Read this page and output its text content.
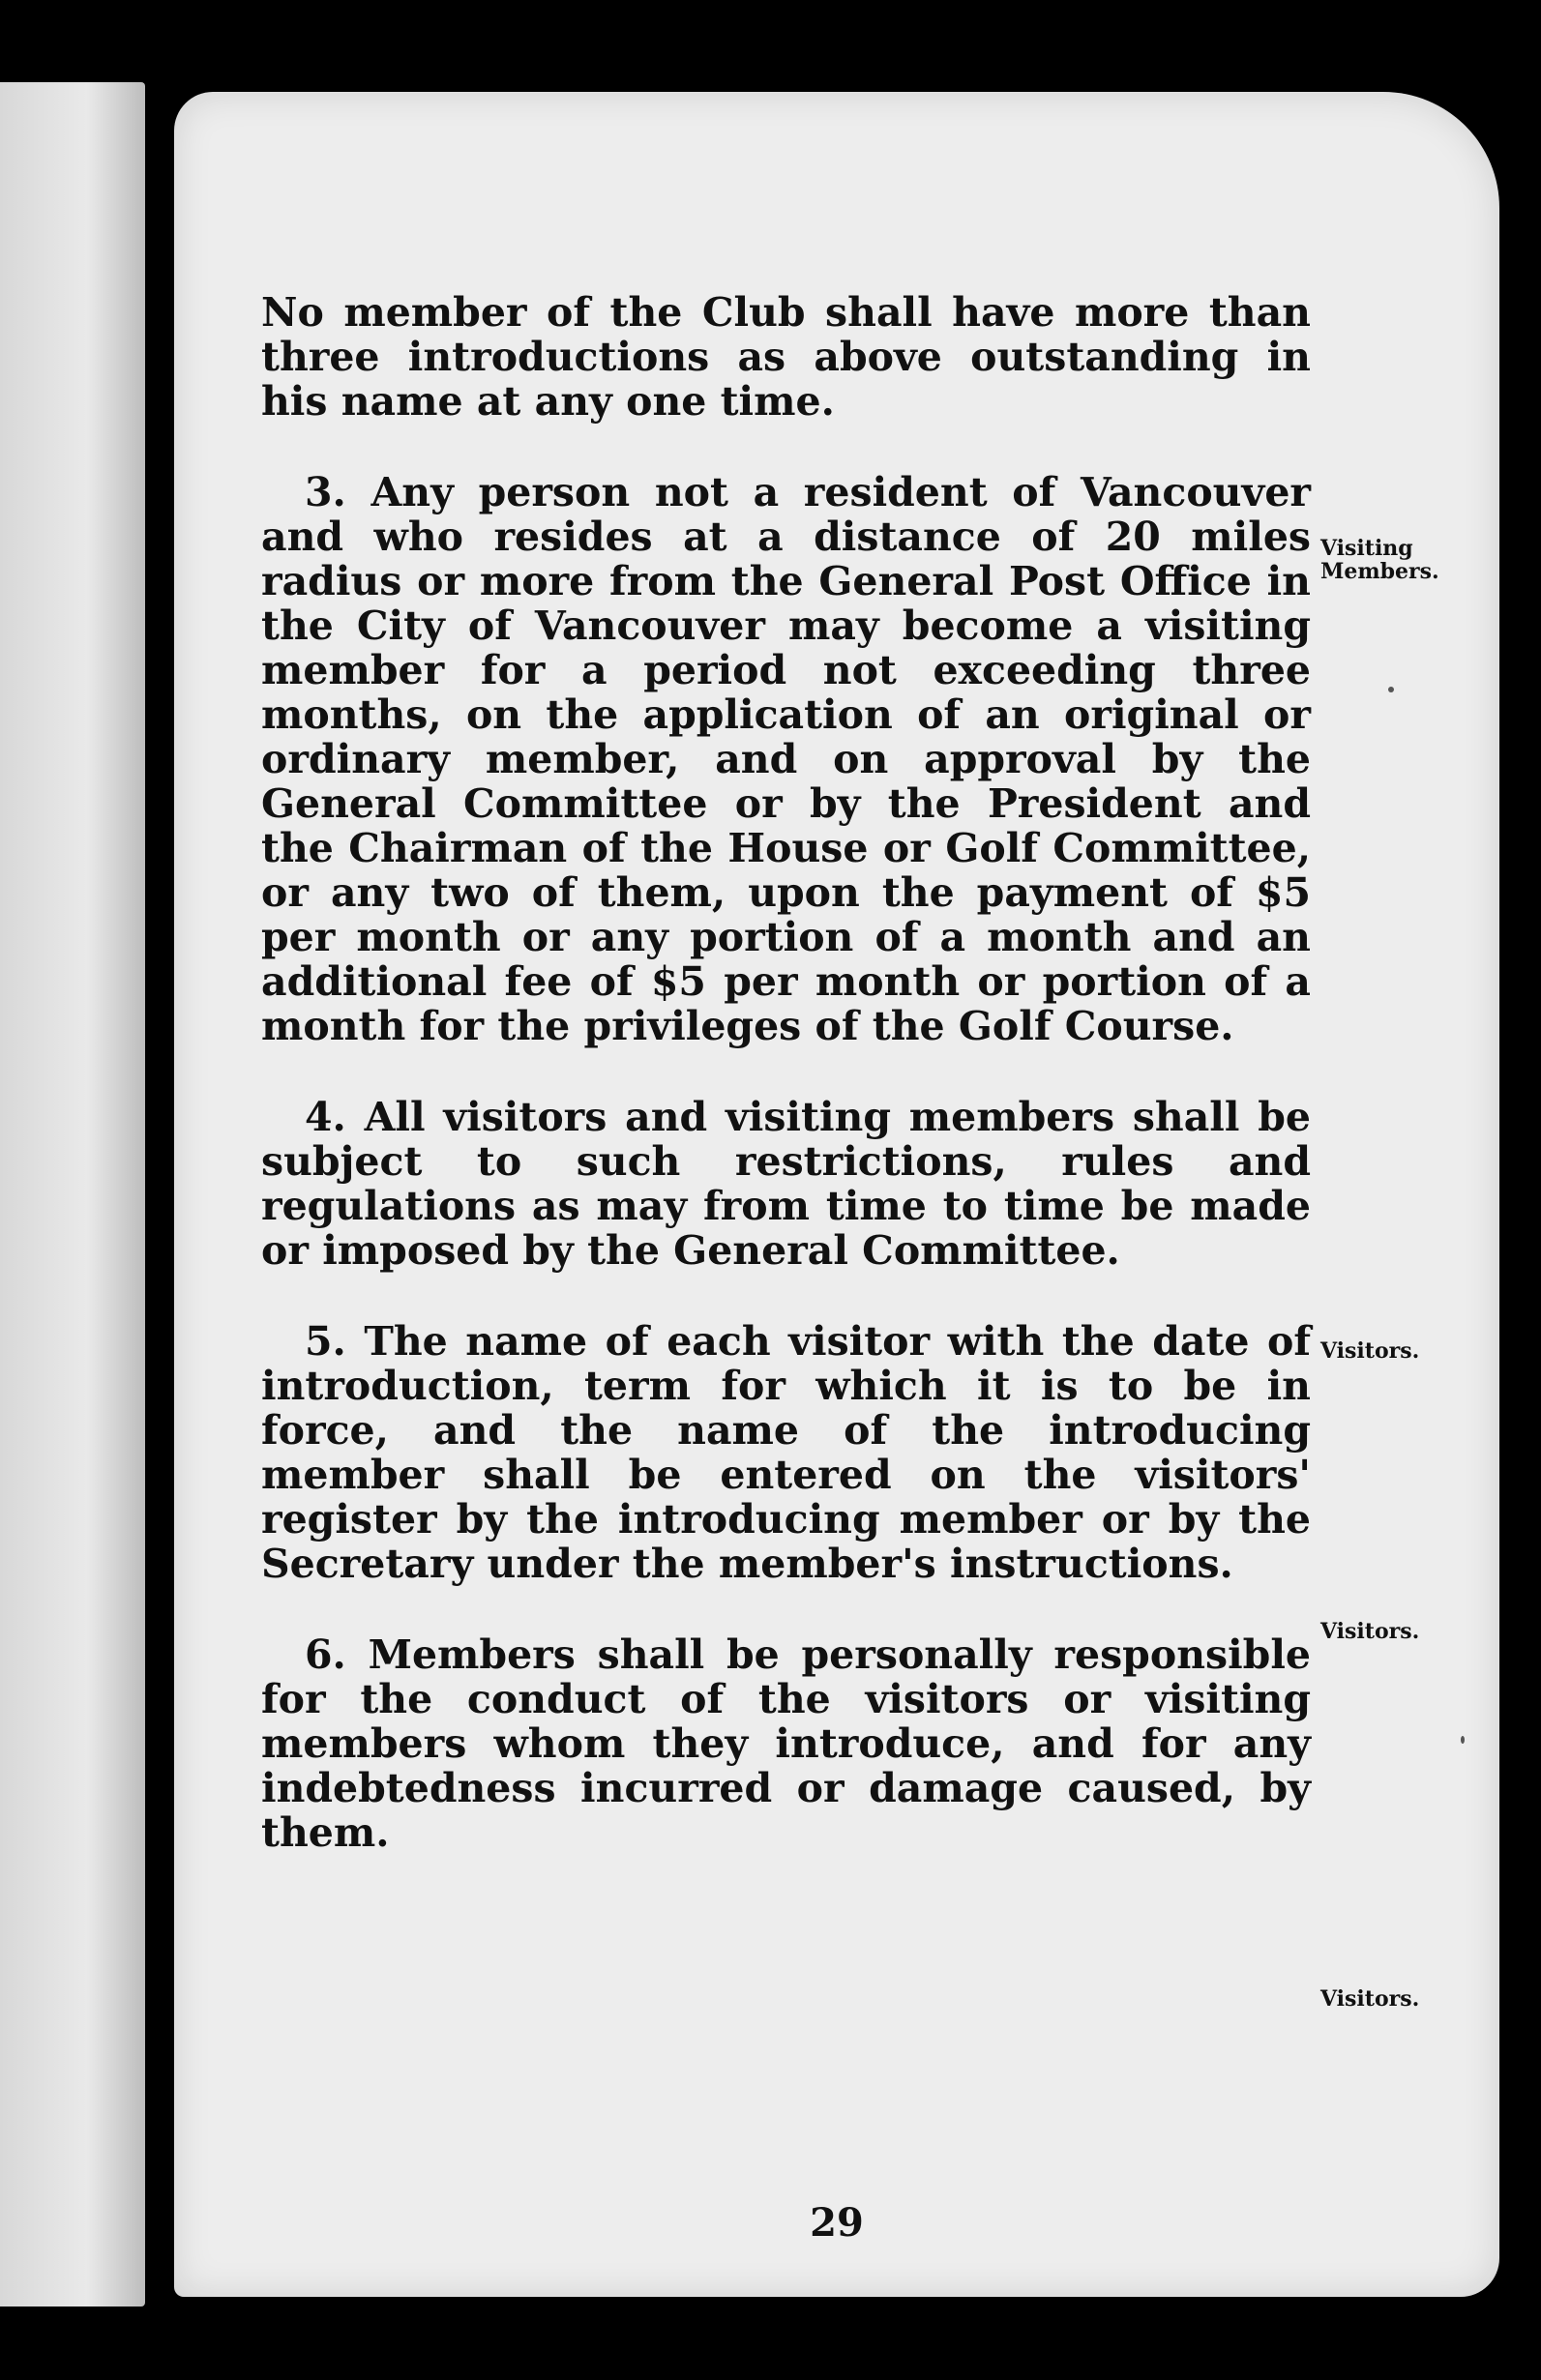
No member of the Club shall have more than three introductions as above outstanding in his name at any one time.

3. Any person not a resident of Vancouver and who resides at a distance of 20 miles radius or more from the General Post Office in the City of Vancouver may become a visiting member for a period not exceeding three months, on the application of an original or ordinary member, and on approval by the General Committee or by the President and the Chairman of the House or Golf Committee, or any two of them, upon the payment of $5 per month or any portion of a month and an additional fee of $5 per month or portion of a month for the privileges of the Golf Course.

4. All visitors and visiting members shall be subject to such restrictions, rules and regulations as may from time to time be made or imposed by the General Committee.

5. The name of each visitor with the date of introduction, term for which it is to be in force, and the name of the introducing member shall be entered on the visitors' register by the introducing member or by the Secretary under the member's instructions.

6. Members shall be personally responsible for the conduct of the visitors or visiting members whom they introduce, and for any indebtedness incurred or damage caused, by them.

Visiting Members.
Visitors.
Visitors.
Visitors.
29
